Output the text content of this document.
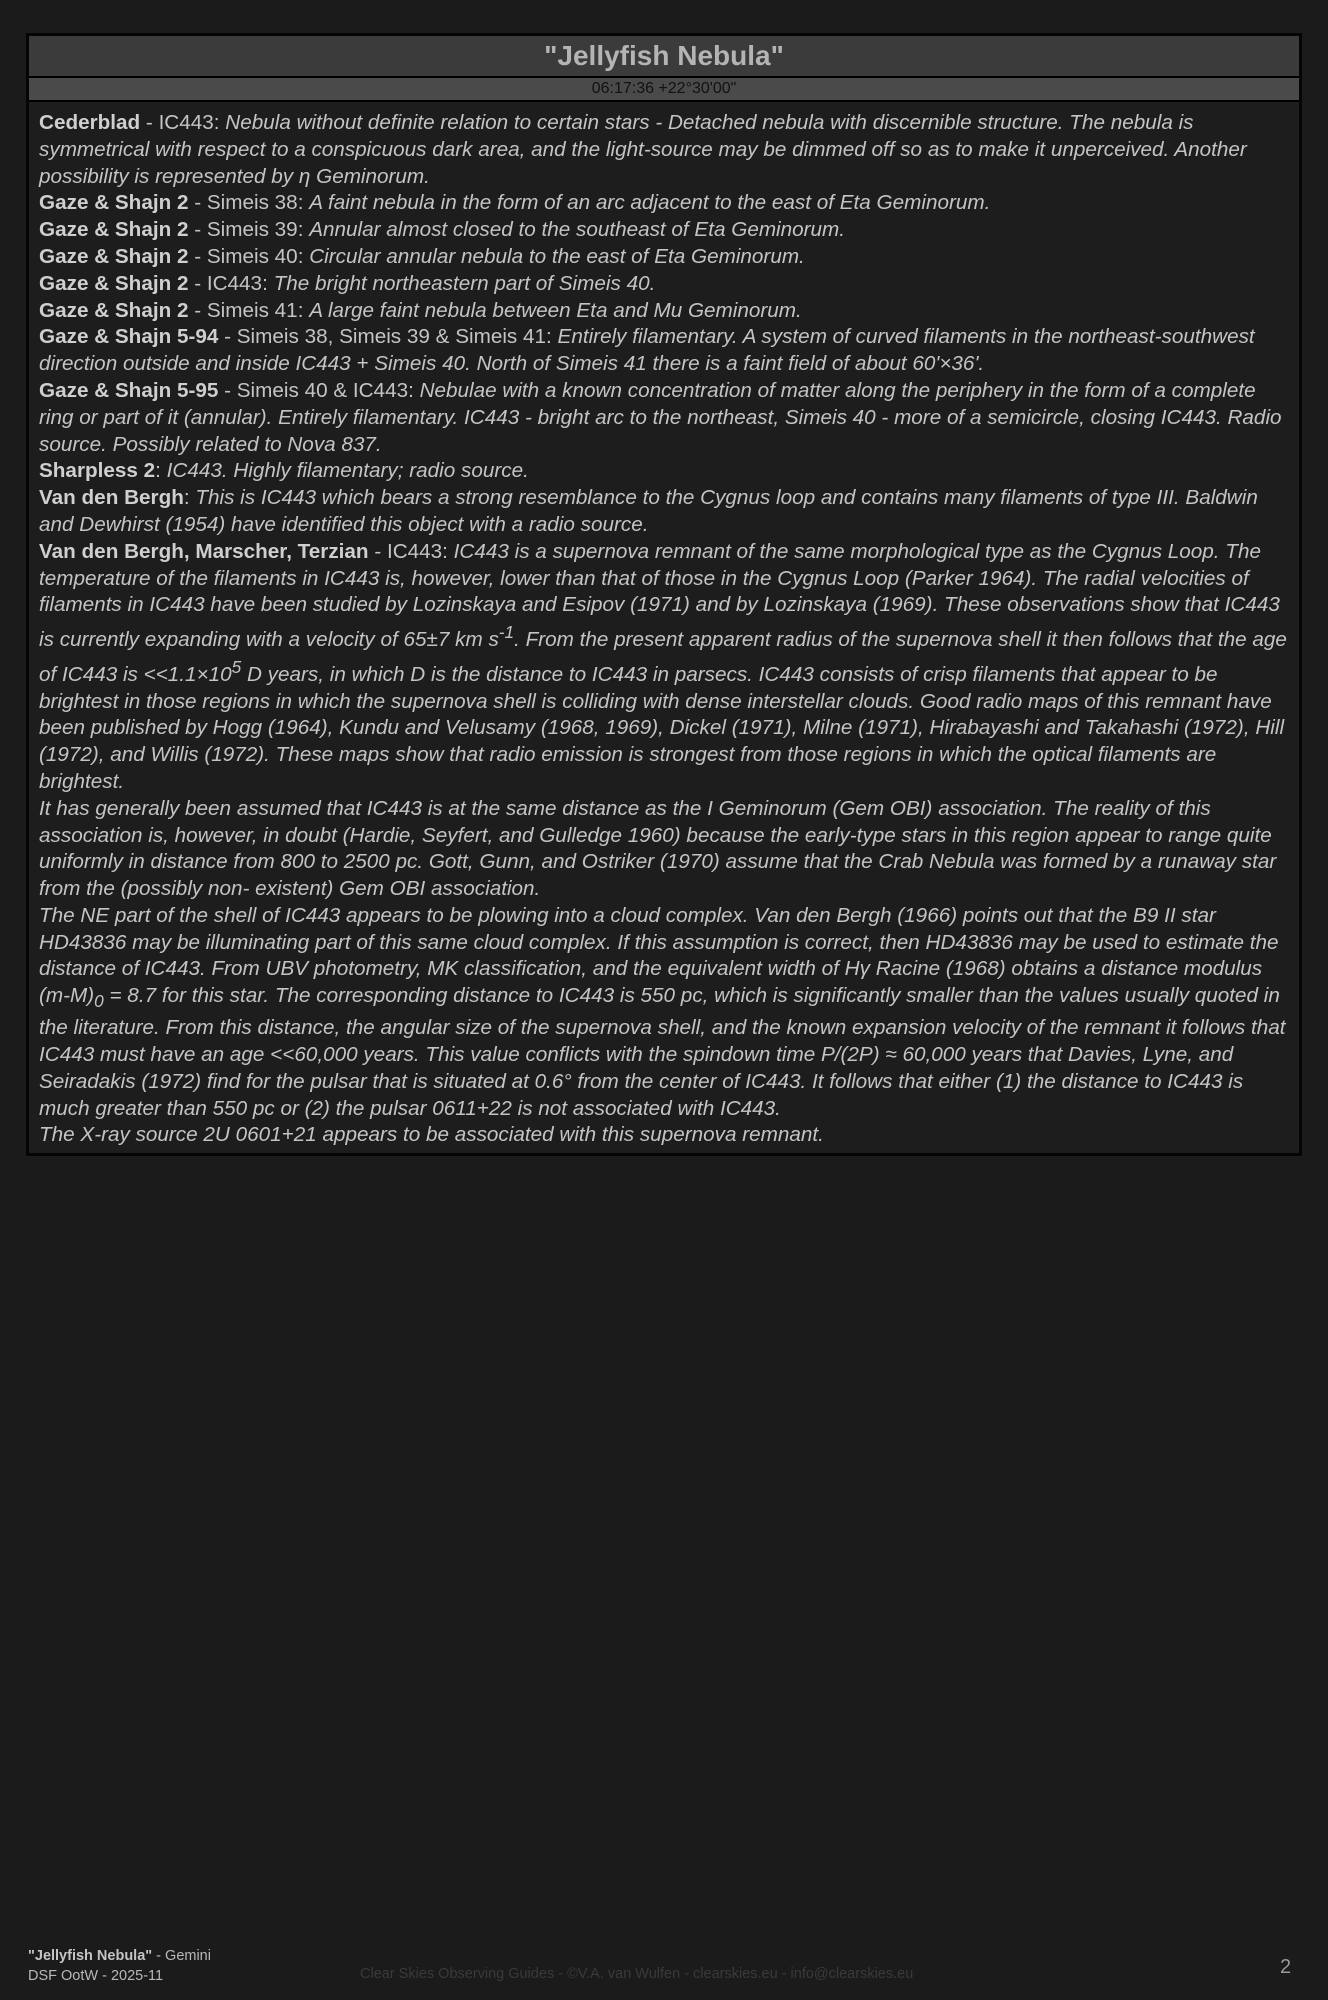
"Jellyfish Nebula"
06:17:36 +22°30'00"

Cederblad - IC443: Nebula without definite relation to certain stars - Detached nebula with discernible structure. The nebula is symmetrical with respect to a conspicuous dark area, and the light-source may be dimmed off so as to make it unperceived. Another possibility is represented by η Geminorum.

Gaze & Shajn 2 - Simeis 38: A faint nebula in the form of an arc adjacent to the east of Eta Geminorum.

Gaze & Shajn 2 - Simeis 39: Annular almost closed to the southeast of Eta Geminorum.

Gaze & Shajn 2 - Simeis 40: Circular annular nebula to the east of Eta Geminorum.

Gaze & Shajn 2 - IC443: The bright northeastern part of Simeis 40.

Gaze & Shajn 2 - Simeis 41: A large faint nebula between Eta and Mu Geminorum.

Gaze & Shajn 5-94 - Simeis 38, Simeis 39 & Simeis 41: Entirely filamentary. A system of curved filaments in the northeast-southwest direction outside and inside IC443 + Simeis 40. North of Simeis 41 there is a faint field of about 60'×36'.

Gaze & Shajn 5-95 - Simeis 40 & IC443: Nebulae with a known concentration of matter along the periphery in the form of a complete ring or part of it (annular). Entirely filamentary. IC443 - bright arc to the northeast, Simeis 40 - more of a semicircle, closing IC443. Radio source. Possibly related to Nova 837.

Sharpless 2: IC443. Highly filamentary; radio source.

Van den Bergh: This is IC443 which bears a strong resemblance to the Cygnus loop and contains many filaments of type III. Baldwin and Dewhirst (1954) have identified this object with a radio source.

Van den Bergh, Marscher, Terzian - IC443: IC443 is a supernova remnant of the same morphological type as the Cygnus Loop. The temperature of the filaments in IC443 is, however, lower than that of those in the Cygnus Loop (Parker 1964). The radial velocities of filaments in IC443 have been studied by Lozinskaya and Esipov (1971) and by Lozinskaya (1969). These observations show that IC443 is currently expanding with a velocity of 65±7 km $s^{-1}$. From the present apparent radius of the supernova shell it then follows that the age of IC443 is $<<1.1\times 10^5$ D years, in which D is the distance to IC443 in parsecs. IC443 consists of crisp filaments that appear to be brightest in those regions in which the supernova shell is colliding with dense interstellar clouds. Good radio maps of this remnant have been published by Hogg (1964), Kundu and Velusamy (1968, 1969), Dickel (1971), Milne (1971), Hirabayashi and Takahashi (1972), Hill (1972), and Willis (1972). These maps show that radio emission is strongest from those regions in which the optical filaments are brightest.

It has generally been assumed that IC443 is at the same distance as the I Geminorum (Gem OBI) association. The reality of this association is, however, in doubt (Hardie, Seyfert, and Gulledge 1960) because the early-type stars in this region appear to range quite uniformly in distance from 800 to 2500 pc. Gott, Gunn, and Ostriker (1970) assume that the Crab Nebula was formed by a runaway star from the (possibly non- existent) Gem OBI association.

The NE part of the shell of IC443 appears to be plowing into a cloud complex. Van den Bergh (1966) points out that the B9 II star HD43836 may be illuminating part of this same cloud complex. If this assumption is correct, then HD43836 may be used to estimate the distance of IC443. From UBV photometry, MK classification, and the equivalent width of Hγ Racine (1968) obtains a distance modulus $(m-M)_0 = 8.7$ for this star. The corresponding distance to IC443 is 550 pc, which is significantly smaller than the values usually quoted in the literature. From this distance, the angular size of the supernova shell, and the known expansion velocity of the remnant it follows that IC443 must have an age <<60,000 years. This value conflicts with the spindown time P/(2P) ≈ 60,000 years that Davies, Lyne, and Seiradakis (1972) find for the pulsar that is situated at 0.6° from the center of IC443. It follows that either (1) the distance to IC443 is much greater than 550 pc or (2) the pulsar 0611+22 is not associated with IC443.

The X-ray source 2U 0601+21 appears to be associated with this supernova remnant.

"Jellyfish Nebula" - Gemini
DSF OotW - 2025-11	Clear Skies Observing Guides - ©V.A. van Wulfen - clearskies.eu - info@clearskies.eu	2
